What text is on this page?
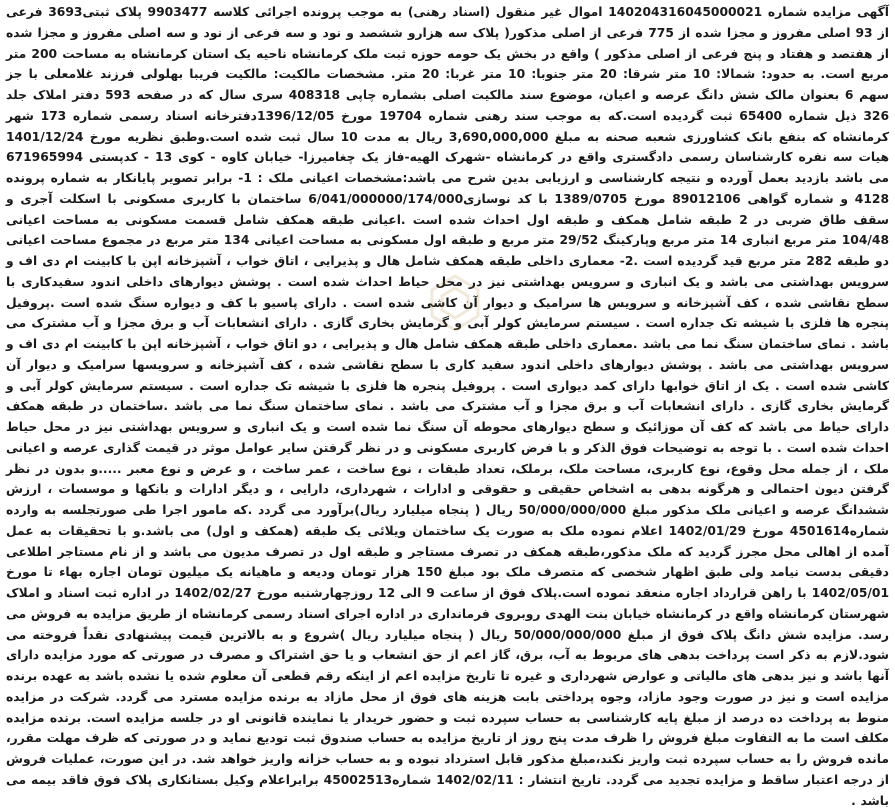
آگهی مزایده شماره 140204316045000021 اموال غیر منقول (اسناد رهنی) به موجب پرونده اجرائی کلاسه 9903477 پلاک ثبتی3693 فرعی از 93 اصلی مفروز و مجزا شده از 775 فرعی از اصلی مذکور( پلاک سه هزارو ششصد و نود و سه فرعی از نود و سه اصلی مفروز و مجزا شده از هفتصد و هفتاد و پنج فرعی از اصلی مذکور ) واقع در بخش یک حومه حوزه ثبت ملک کرمانشاه ناحیه یک استان کرمانشاه به مساحت 200 متر مربع است. به حدود: شمالا: 10 متر شرقا: 20 متر جنوبا: 10 متر غربا: 20 متر. مشخصات مالکیت: مالکیت فریبا بهلولی فرزند غلامعلی با جز سهم 6 بعنوان مالک شش دانگ عرصه و اعیان، موضوع سند مالکیت اصلی بشماره چاپی 408318 سری سال که در صفحه 593 دفتر املاک جلد 326 ذیل شماره 65400 ثبت گردیده است.که به موجب سند رهنی شماره 19704 مورخ 1396/12/05دفترخانه اسناد رسمی شماره 173 شهر کرمانشاه که بنفع بانک کشاورزی شعبه صحنه به مبلغ 3,690,000,000 ریال به مدت 10 سال ثبت شده است.وطبق نظریه مورخ 1401/12/24 هیات سه نفره کارشناسان رسمی دادگستری واقع در کرمانشاه -شهرک الهیه-فاز یک چغامیرزا- خیابان کاوه - کوی 13 - کدپستی 671965994 می باشد بازدید بعمل آورده و نتیجه کارشناسی و ارزیابی بدین شرح می باشد:مشخصات اعیانی ملک : 1- برابر تصویر پایانکار به شماره پرونده 4128 و شماره گواهی 89012106 مورخ 1389/0705 با کد نوسازی6/041/000000/174/000 ساختمان با کاربری مسکونی با اسکلت آجری و سقف طاق ضربی در 2 طبقه شامل همکف و طبقه اول احداث شده است .اعیانی طبقه همکف شامل قسمت مسکونی به مساحت اعیانی 104/48 متر مربع انباری 14 متر مربع وپارکینگ 29/52 متر مربع و طبقه اول مسکونی به مساحت اعیانی 134 متر مربع در مجموع مساحت اعیانی دو طبقه 282 متر مربع قید گردیده است .2- معماری داخلی طبقه همکف شامل هال و پذیرایی ، اتاق خواب ، آشپزخانه اپن با کابینت ام دی اف و سرویس بهداشتی می باشد و یک انباری و سرویس بهداشتی نیز در محل حیاط احداث شده است . پوشش دیوارهای داخلی اندود سفیدکاری با سطح نقاشی شده ، کف آشپزخانه و سرویس ها سرامیک و دیوار آن کاشی شده است . دارای پاسیو با کف و دیواره سنگ شده است .پروفیل پنجره ها فلزی با شیشه تک جداره است . سیستم سرمایش کولر آبی و گرمایش بخاری گازی . دارای انشعابات آب و برق مجزا و آب مشترک می باشد . نمای ساختمان سنگ نما می باشد .معماری داخلی طبقه همکف شامل هال و پذیرایی ، دو اتاق خواب ، آشپزخانه اپن با کابینت ام دی اف و سرویس بهداشتی می باشد . پوشش دیوارهای داخلی اندود سفید کاری با سطح نقاشی شده ، کف آشپزخانه و سرویسها سرامیک و دیوار آن کاشی شده است . یک از اتاق خوابها دارای کمد دیواری است . پروفیل پنجره ها فلزی با شیشه تک جداره است . سیستم سرمایش کولر آبی و گرمایش بخاری گازی . دارای انشعابات آب و برق مجزا و آب مشترک می باشد . نمای ساختمان سنگ نما می باشد .ساختمان در طبقه همکف دارای حیاط می باشد که کف آن موزائیک و سطح دیوارهای محوطه آن سنگ نما شده است و یک انباری و سرویس بهداشتی نیز در محل حیاط احداث شده است . با توجه به توضیحات فوق الذکر و با فرض کاربری مسکونی و در نظر گرفتن سایر عوامل موثر در قیمت گذاری عرصه و اعیانی ملک ، از جمله محل وقوع، نوع کاربری، مساحت ملک، برملک، تعداد طبقات ، نوع ساخت ، عمر ساخت ، و عرض و نوع معبر .....و بدون در نظر گرفتن دیون احتمالی و هرگونه بدهی به اشخاص حقیقی و حقوقی و ادارات ، شهرداری، دارایی ، و دیگر ادارات و بانکها و موسسات ، ارزش ششدانگ عرصه و اعیانی ملک مذکور مبلغ 50/000/000/000 ریال ( پنجاه میلیارد ریال)برآورد می گردد .که مامور اجرا طی صورتجلسه به وارده شماره4501614 مورخ 1402/01/29 اعلام نموده ملک به صورت یک ساختمان ویلائی یک طبقه (همکف و اول) می باشد.و با تحقیقات به عمل آمده از اهالی محل مجرز گردید که ملک مذکور،طبقه همکف در تصرف مستاجر و طبقه اول در تصرف مدیون می باشد و از نام مستاجر اطلاعی دقیقی بدست نیامد ولی طبق اظهار شخصی که متصرف ملک بود مبلغ 150 هزار تومان ودیعه و ماهیانه یک میلیون تومان اجاره بهاء تا مورخ 1402/05/01 با راهن قرارداد اجاره منعقد نموده است.پلاک فوق از ساعت 9 الی 12 روزچهارشنبه مورخ 1402/02/27 در اداره ثبت اسناد و املاک شهرستان کرمانشاه واقع در کرمانشاه خیابان بنت الهدی روبروی فرمانداری در اداره اجرای اسناد رسمی کرمانشاه از طریق مزایده به فروش می رسد. مزایده شش دانگ پلاک فوق از مبلغ 50/000/000/000 ریال ( پنجاه میلیارد ریال )شروع و به بالاترین قیمت پیشنهادی نقداً فروخته می شود.لازم به ذکر است پرداخت بدهی های مربوط به آب، برق، گاز اعم از حق انشعاب و یا حق اشتراک و مصرف در صورتی که مورد مزایده دارای آنها باشد و نیز بدهی های مالیاتی و عوارض شهرداری و غیره تا تاریخ مزایده اعم از اینکه رقم قطعی آن معلوم شده یا نشده باشد به عهده برنده مزایده است و نیز در صورت وجود مازاد، وجوه پرداختی بابت هزینه های فوق از محل مازاد به برنده مزایده مسترد می گردد. شرکت در مزایده منوط به پرداخت ده درصد از مبلغ پایه کارشناسی به حساب سپرده ثبت و حضور خریدار یا نماینده قانونی او در جلسه مزایده است. برنده مزایده مکلف است ما به التفاوت مبلغ فروش را ظرف مدت پنج روز از تاریخ مزایده به حساب صندوق ثبت تودیع نماید و در صورتی که ظرف مهلت مقرر، مانده فروش را به حساب سپرده ثبت واریز نکند،مبلغ مذکور قابل استرداد نبوده و به حساب خزانه واریز خواهد شد. در این صورت، عملیات فروش از درجه اعتبار ساقط و مزایده تجدید می گردد. تاریخ انتشار : 1402/02/11 شماره45002513 برابراعلام وکیل بستانکاری پلاک فوق فاقد بیمه می باشد .
